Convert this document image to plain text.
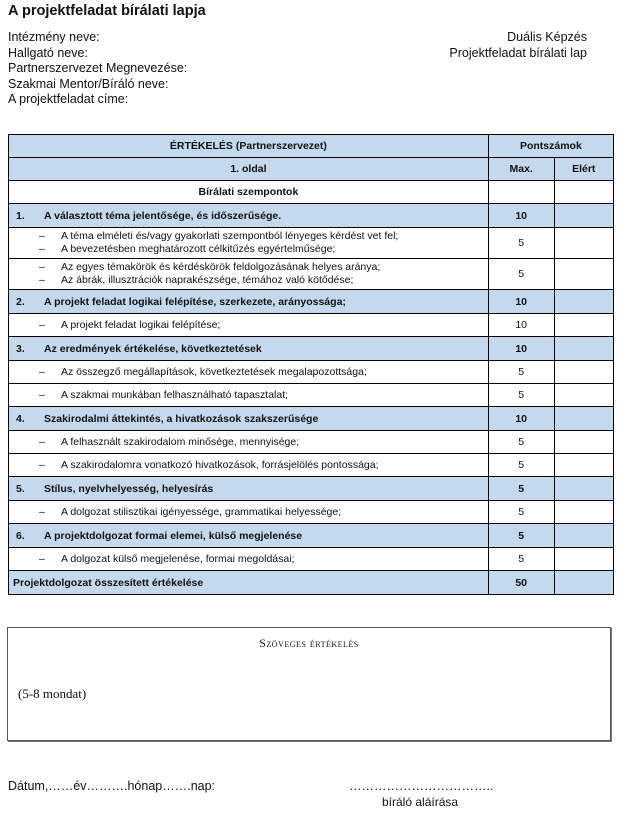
A projektfeladat bírálati lapja
Intézmény neve:
Hallgató neve:
Partnerszervezet Megnevezése:
Szakmai Mentor/Bíráló neve:
A projektfeladat címe:
Duális Képzés
Projektfeladat bírálati lap
ÉRTÉKELÉS (Partnerszervezet)	Pontszámok	
1. oldal	Max.	Elért
Bírálati szempontok		
1. A választott téma jelentősége, és időszerűsége.	10	

– A téma elméleti és/vagy gyakorlati szempontból lényeges kérdést vet fel;
– A bevezetésben meghatározott célkitűzés egyértelműsége;	5	

– Az egyes témakörök és kérdéskörök feldolgozásának helyes aránya;
– Az ábrák, illusztrációk naprakészsége, témához való kötődése;	5	
2. A projekt feladat logikai felépítése, szerkezete, arányossága;	10	

– A projekt feladat logikai felépítése;	10	
3. Az eredmények értékelése, következtetések	10	

– Az összegző megállapítások, következtetések megalapozottsága;	5	

– A szakmai munkában felhasználható tapasztalat;	5	
4. Szakirodalmi áttekintés, a hivatkozások szakszerűsége	10	

– A felhasznált szakirodalom minősége, mennyisége;	5	

– A szakirodalomra vonatkozó hivatkozások, forrásjelölés pontossága;	5	
5. Stílus, nyelvhelyesség, helyesírás	5	

– A dolgozat stilisztikai igényessége, grammatikai helyessége;	5	
6. A projektdolgozat formai elemei, külső megjelenése	5	

– A dolgozat külső megjelenése, formai megoldásai;	5	
Projektdolgozat összesített értékelése	50	
Szöveges értékelés
(5-8 mondat)
Dátum,……év……….hónap…….nap:	……………………………..
bíráló aláírása
